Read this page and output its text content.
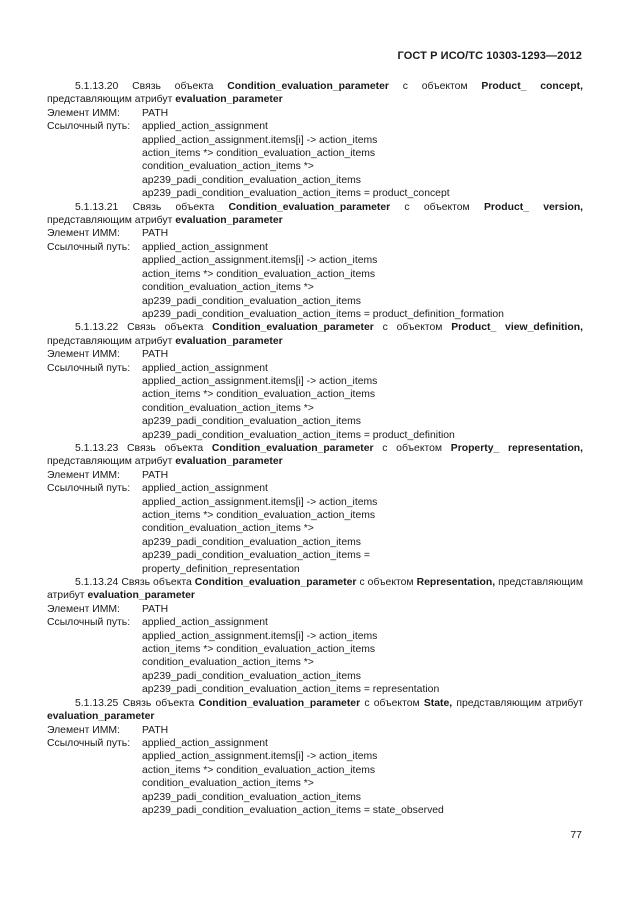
ГОСТ Р ИСО/ТС 10303-1293—2012
5.1.13.20 Связь объекта Condition_evaluation_parameter с объектом Product_ concept, представляющим атрибут evaluation_parameter
Элемент ИММ:	PATH
Ссылочный путь:	applied_action_assignment
applied_action_assignment.items[i] -> action_items
action_items *> condition_evaluation_action_items
condition_evaluation_action_items *>
ap239_padi_condition_evaluation_action_items
ap239_padi_condition_evaluation_action_items = product_concept
5.1.13.21 Связь объекта Condition_evaluation_parameter с объектом Product_ version, представляющим атрибут evaluation_parameter
Элемент ИММ:	PATH
Ссылочный путь:	applied_action_assignment
applied_action_assignment.items[i] -> action_items
action_items *> condition_evaluation_action_items
condition_evaluation_action_items *>
ap239_padi_condition_evaluation_action_items
ap239_padi_condition_evaluation_action_items = product_definition_formation
5.1.13.22 Связь объекта Condition_evaluation_parameter с объектом Product_ view_definition, представляющим атрибут evaluation_parameter
Элемент ИММ:	PATH
Ссылочный путь:	applied_action_assignment
applied_action_assignment.items[i] -> action_items
action_items *> condition_evaluation_action_items
condition_evaluation_action_items *>
ap239_padi_condition_evaluation_action_items
ap239_padi_condition_evaluation_action_items = product_definition
5.1.13.23 Связь объекта Condition_evaluation_parameter с объектом Property_ representation, представляющим атрибут evaluation_parameter
Элемент ИММ:	PATH
Ссылочный путь:	applied_action_assignment
applied_action_assignment.items[i] -> action_items
action_items *> condition_evaluation_action_items
condition_evaluation_action_items *>
ap239_padi_condition_evaluation_action_items
ap239_padi_condition_evaluation_action_items =
property_definition_representation
5.1.13.24 Связь объекта Condition_evaluation_parameter с объектом Representation, представляющим атрибут evaluation_parameter
Элемент ИММ:	PATH
Ссылочный путь:	applied_action_assignment
applied_action_assignment.items[i] -> action_items
action_items *> condition_evaluation_action_items
condition_evaluation_action_items *>
ap239_padi_condition_evaluation_action_items
ap239_padi_condition_evaluation_action_items = representation
5.1.13.25 Связь объекта Condition_evaluation_parameter с объектом State, представляющим атрибут evaluation_parameter
Элемент ИММ:	PATH
Ссылочный путь:	applied_action_assignment
applied_action_assignment.items[i] -> action_items
action_items *> condition_evaluation_action_items
condition_evaluation_action_items *>
ap239_padi_condition_evaluation_action_items
ap239_padi_condition_evaluation_action_items = state_observed
77
